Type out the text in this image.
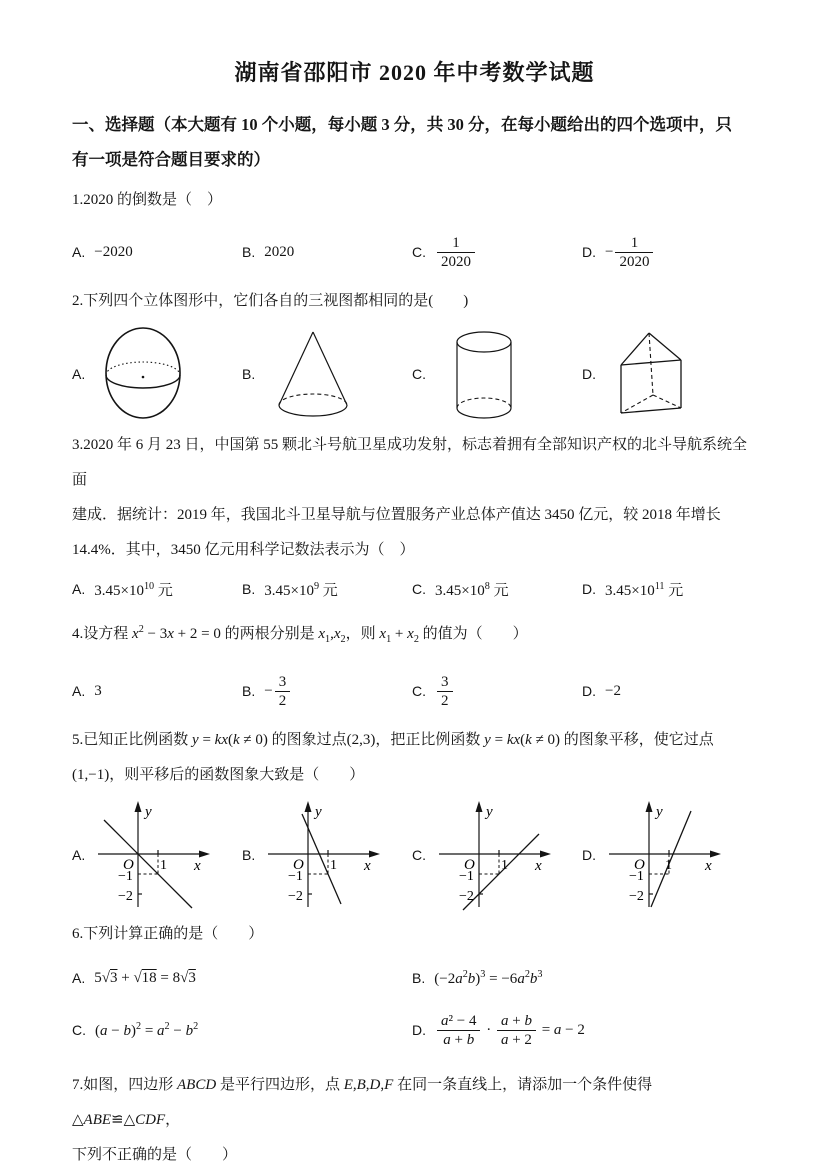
湖南省邵阳市 2020 年中考数学试题
一、选择题（本大题有 10 个小题，每小题 3 分，共 30 分，在每小题给出的四个选项中，只
有一项是符合题目要求的）
1.2020 的倒数是（　）
A. −2020	B. 2020	C. $\frac{1}{2020}$	D. − $\frac{1}{2020}$
2.下列四个立体图形中，它们各自的三视图都相同的是(　　)
A.	B.	C.	D.
3.2020 年 6 月 23 日，中国第 55 颗北斗号航卫星成功发射，标志着拥有全部知识产权的北斗导航系统全面
建成．据统计：2019 年，我国北斗卫星导航与位置服务产业总体产值达 3450 亿元，较 2018 年增长
14.4%．其中，3450 亿元用科学记数法表示为（　）
A. $3.45\times 10^{10}$ 元	B. $3.45\times 10^9$ 元	C. $3.45\times 10^8$ 元	D. $3.45\times 10^{11}$ 元
4.设方程 $x^2 - 3x + 2 = 0$ 的两根分别是 $x_1,x_2$，则 $x_1 + x_2$ 的值为（　　）
A. 3	B. − $\frac{3}{2}$	C. $\frac{3}{2}$	D. −2
5.已知正比例函数 y = kx(k ≠ 0) 的图象过点(2,3)，把正比例函数 y = kx(k ≠ 0) 的图象平移，使它过点
(1,−1)，则平移后的函数图象大致是（　　）
A.
y
x
O 1
−1
−2
B.
y
x
O 1
−1
−2
C.
y
x
O 1
−1
−2
D.
y
x
O 1
−1
−2
6.下列计算正确的是（　　）
A. 5√3 + √18 = 8√3	B. $(-2a^2b)^3 = -6a^2b^3$
C. $(a - b)^2 = a^2 - b^2$	D. $\frac{\text{a² − 4}}{a + b} \cdot \frac{a + b}{a + 2} = a - 2$
7.如图，四边形 ABCD 是平行四边形，点 E,B,D,F 在同一条直线上，请添加一个条件使得 △ABE≌△CDF，
下列不正确的是（　　）
